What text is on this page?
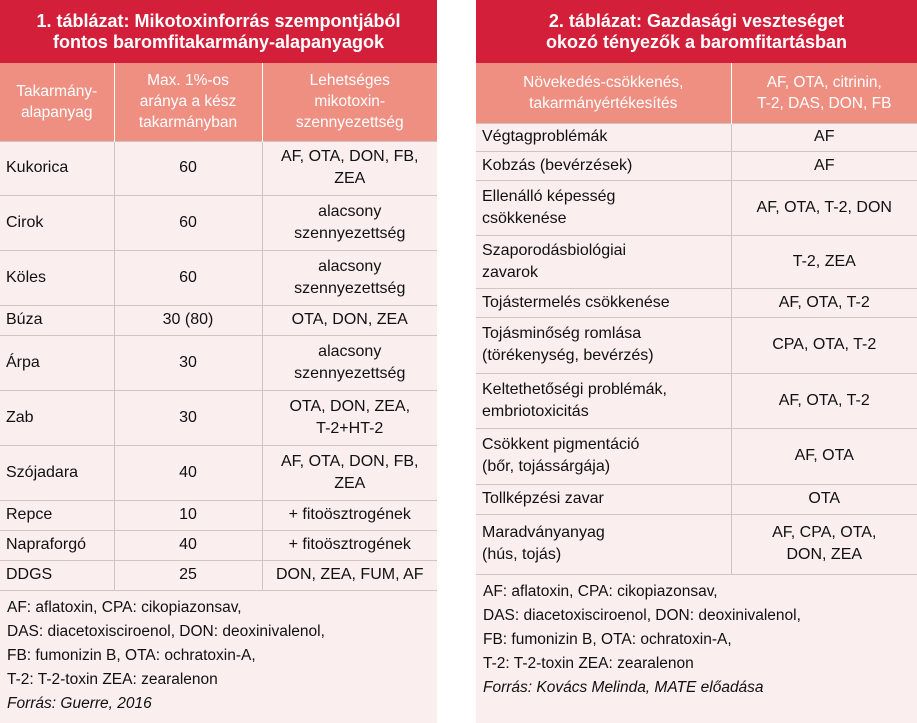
1. táblázat: Mikotoxinforrás szempontjából
fontos baromfitakarmány-alapanyagok
Takarmány-
alapanyag	Max. 1%-os
aránya a kész
takarmányban	Lehetséges
mikotoxin-
szennyezettség
Kukorica	60	AF, OTA, DON, FB,
ZEA
Cirok	60	alacsony
szennyezettség
Köles	60	alacsony
szennyezettség
Búza	30 (80)	OTA, DON, ZEA
Árpa	30	alacsony
szennyezettség
Zab	30	OTA, DON, ZEA,
T-2+HT-2
Szójadara	40	AF, OTA, DON, FB,
ZEA
Repce	10	+ fitoösztrogének
Napraforgó	40	+ fitoösztrogének
DDGS	25	DON, ZEA, FUM, AF
AF: aflatoxin, CPA: cikopiazonsav,
DAS: diacetoxiscirоenol, DON: deoxinivalenol,
FB: fumonizin B, OTA: ochratoxin-A,
T-2: T-2-toxin ZEA: zearalenon
Forrás: Guerre, 2016
2. táblázat: Gazdasági veszteséget
okozó tényezők a baromfitartásban
Növekedés-csökkenés,
takarmányértékesítés	AF, OTA, citrinin,
T-2, DAS, DON, FB
Végtagproblémák	AF
Kobzás (bevérzések)	AF
Ellenálló képesség
csökkenése	AF, OTA, T-2, DON
Szaporodásbiológiai
zavarok	T-2, ZEA
Tojástermelés csökkenése	AF, OTA, T-2
Tojásminőség romlása
(törékenység, bevérzés)	CPA, OTA, T-2
Keltethetőségi problémák,
embriotoxicitás	AF, OTA, T-2
Csökkent pigmentáció
(bőr, tojássárgája)	AF, OTA
Tollképzési zavar	OTA
Maradványanyag
(hús, tojás)	AF, CPA, OTA,
DON, ZEA
AF: aflatoxin, CPA: cikopiazonsav,
DAS: diacetoxiscirоenol, DON: deoxinivalenol,
FB: fumonizin B, OTA: ochratoxin-A,
T-2: T-2-toxin ZEA: zearalenon
Forrás: Kovács Melinda, MATE előadása
